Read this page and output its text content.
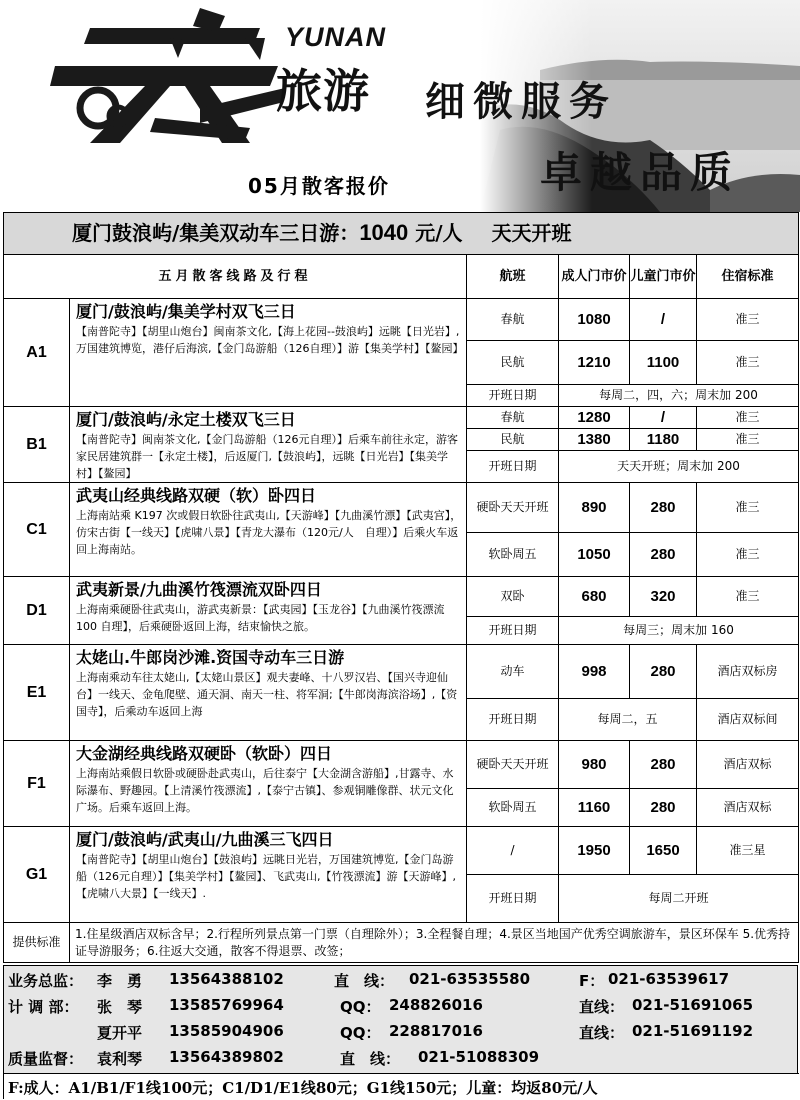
YUNAN
旅游 细微服务
卓越品质
05月散客报价
厦门鼓浪屿/集美双动车三日游：1040 元/人 天天开班					
五月散客线路及行程		航班	成人门市价	儿童门市价	住宿标准
A1	厦门/鼓浪屿/集美学村双飞三日
【南普陀寺】【胡里山炮台】闽南茶文化,【海上花园--鼓浪屿】远眺【日光岩】,万国建筑博览，港仔后海滨,【金门岛游船（126自理）】游【集美学村】【鳌园】	春航	1080	/	准三
		民航	1210	1100	准三
		开班日期	每周二，四，六；周末加 200		
B1	厦门/鼓浪屿/永定土楼双飞三日
【南普陀寺】闽南茶文化,【金门岛游船（126元自理）】后乘车前往永定，游客家民居建筑群一【永定土楼】，后返厦门,【鼓浪屿】，远眺【日光岩】【集美学村】【鳌园】	春航	1280	/	准三
		民航	1380	1180	准三
		开班日期	天天开班；周末加 200		
C1	武夷山经典线路双硬（软）卧四日
上海南站乘 K197 次或假日软卧往武夷山,【天游峰】【九曲溪竹漂】【武夷宫】，仿宋古街【一线天】【虎啸八景】【青龙大瀑布（120元/人　自理）】后乘火车返回上海南站。	硬卧天天开班	890	280	准三
		软卧周五	1050	280	准三
D1	武夷新景/九曲溪竹筏漂流双卧四日
上海南乘硬卧往武夷山，游武夷新景：【武夷园】【玉龙谷】【九曲溪竹筏漂流　100 自理】，后乘硬卧返回上海，结束愉快之旅。	双卧	680	320	准三
		开班日期	每周三；周末加 160		
E1	太姥山.牛郎岗沙滩.资国寺动车三日游
上海南乘动车往太姥山,【太姥山景区】观夫妻峰、十八罗汉岩、【国兴寺迎仙台】一线天、金龟爬壁、通天洞、南天一柱、将军洞;【牛郎岗海滨浴场】,【资国寺】，后乘动车返回上海	动车	998	280	酒店双标房
		开班日期	每周二，五		酒店双标间
F1	大金湖经典线路双硬卧（软卧）四日
上海南站乘假日软卧或硬卧赴武夷山，后往泰宁【大金湖含游船】,甘露寺、水际瀑布、野趣园。【上清溪竹筏漂流】,【泰宁古镇】、参观铜雕像群、状元文化广场。后乘车返回上海。	硬卧天天开班	980	280	酒店双标
		软卧周五	1160	280	酒店双标
G1	厦门/鼓浪屿/武夷山/九曲溪三飞四日
【南普陀寺】【胡里山炮台】【鼓浪屿】远眺日光岩，万国建筑博览,【金门岛游船（126元自理）】【集美学村】【鳌园】、飞武夷山,【竹筏漂流】游【天游峰】,【虎啸八大景】【一线天】.	/	1950	1650	准三星
		开班日期	每周二开班		
提供标准	1.住星级酒店双标含早；2.行程所列景点第一门票（自理除外）；3.全程餐自理；4.景区当地国产优秀空调旅游车，景区环保车 5.优秀持证导游服务；6.往返大交通，散客不得退票、改签；				
业务总监： 李　勇 13564388102	直　线： 021-63535580	F： 021-63539617
计 调 部： 张　琴 13585769964	QQ： 248826016	直线： 021-51691065
夏开平 13585904906	QQ： 228817016	直线： 021-51691192
质量监督： 袁利琴 13564389802	直　线： 021-51088309
F:成人：A1/B1/F1线100元；C1/D1/E1线80元；G1线150元；儿童：均返80元/人
